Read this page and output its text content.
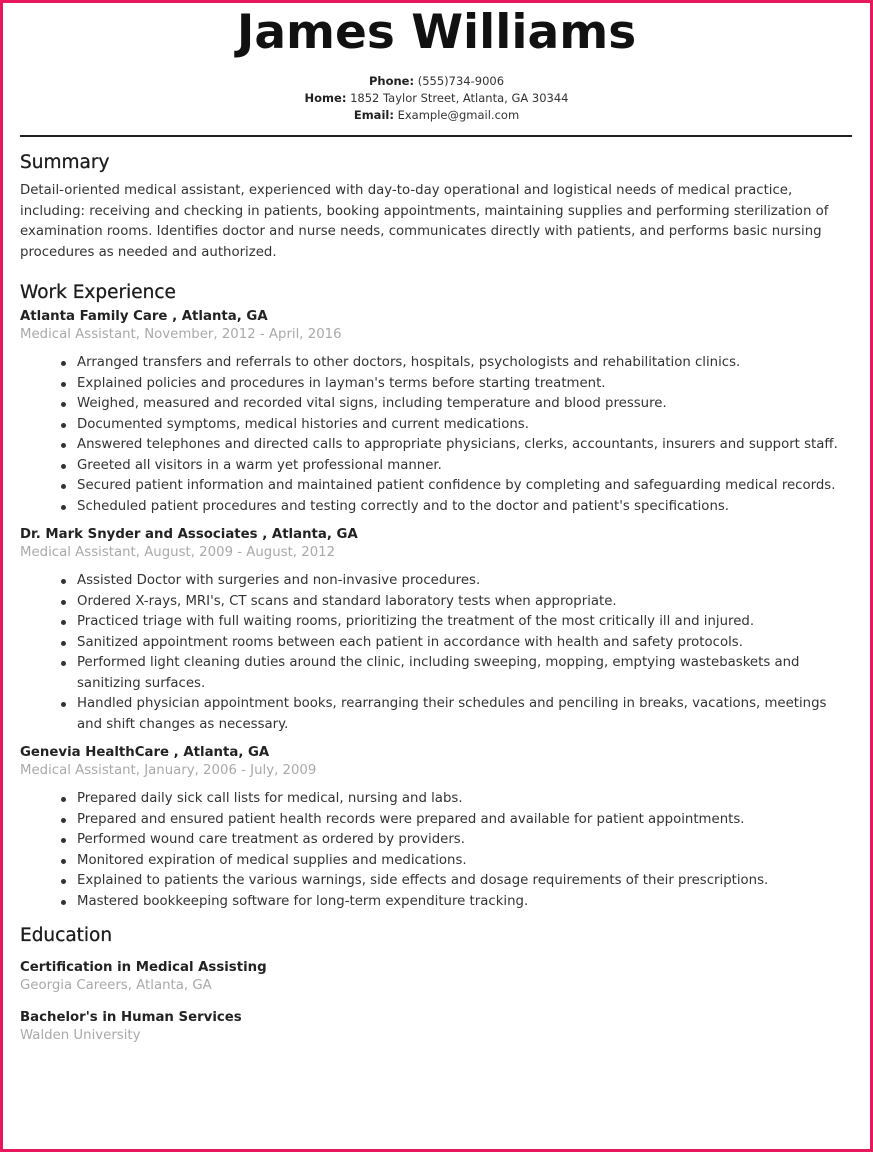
James Williams
Phone: (555)734-9006
Home: 1852 Taylor Street, Atlanta, GA 30344
Email: Example@gmail.com
Summary

Detail-oriented medical assistant, experienced with day-to-day operational and logistical needs of medical practice, including: receiving and checking in patients, booking appointments, maintaining supplies and performing sterilization of examination rooms. Identifies doctor and nurse needs, communicates directly with patients, and performs basic nursing procedures as needed and authorized.

Work Experience
Atlanta Family Care , Atlanta, GA
Medical Assistant, November, 2012 - April, 2016
Arranged transfers and referrals to other doctors, hospitals, psychologists and rehabilitation clinics.
Explained policies and procedures in layman's terms before starting treatment.
Weighed, measured and recorded vital signs, including temperature and blood pressure.
Documented symptoms, medical histories and current medications.
Answered telephones and directed calls to appropriate physicians, clerks, accountants, insurers and support staff.
Greeted all visitors in a warm yet professional manner.
Secured patient information and maintained patient confidence by completing and safeguarding medical records.
Scheduled patient procedures and testing correctly and to the doctor and patient's specifications.
Dr. Mark Snyder and Associates , Atlanta, GA
Medical Assistant, August, 2009 - August, 2012
Assisted Doctor with surgeries and non-invasive procedures.
Ordered X-rays, MRI's, CT scans and standard laboratory tests when appropriate.
Practiced triage with full waiting rooms, prioritizing the treatment of the most critically ill and injured.
Sanitized appointment rooms between each patient in accordance with health and safety protocols.
Performed light cleaning duties around the clinic, including sweeping, mopping, emptying wastebaskets and sanitizing surfaces.
Handled physician appointment books, rearranging their schedules and penciling in breaks, vacations, meetings and shift changes as necessary.
Genevia HealthCare , Atlanta, GA
Medical Assistant, January, 2006 - July, 2009
Prepared daily sick call lists for medical, nursing and labs.
Prepared and ensured patient health records were prepared and available for patient appointments.
Performed wound care treatment as ordered by providers.
Monitored expiration of medical supplies and medications.
Explained to patients the various warnings, side effects and dosage requirements of their prescriptions.
Mastered bookkeeping software for long-term expenditure tracking.
Education
Certification in Medical Assisting
Georgia Careers, Atlanta, GA
Bachelor's in Human Services
Walden University
